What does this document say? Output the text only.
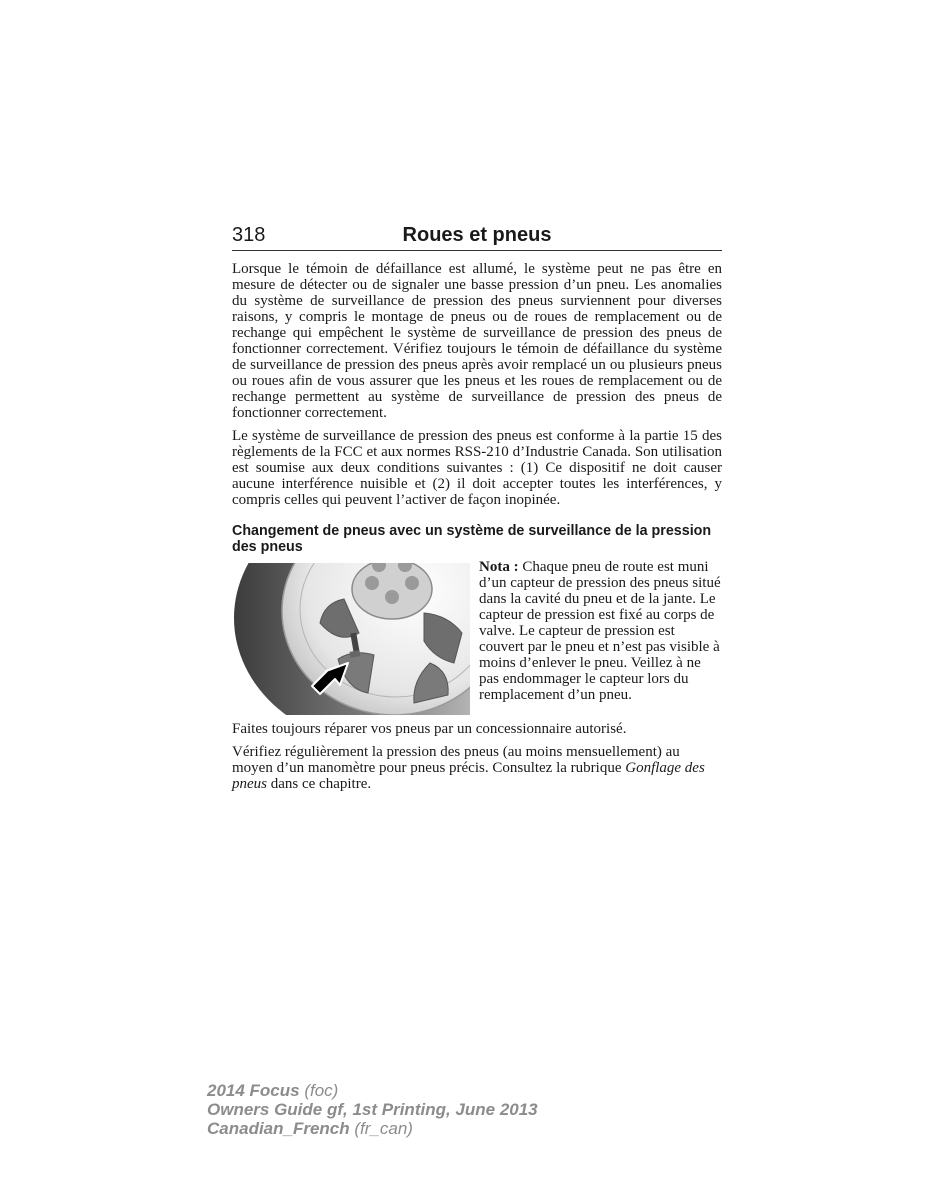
318	Roues et pneus

Lorsque le témoin de défaillance est allumé, le système peut ne pas être en mesure de détecter ou de signaler une basse pression d’un pneu. Les anomalies du système de surveillance de pression des pneus surviennent pour diverses raisons, y compris le montage de pneus ou de roues de remplacement ou de rechange qui empêchent le système de surveillance de pression des pneus de fonctionner correctement. Vérifiez toujours le témoin de défaillance du système de surveillance de pression des pneus après avoir remplacé un ou plusieurs pneus ou roues afin de vous assurer que les pneus et les roues de remplacement ou de rechange permettent au système de surveillance de pression des pneus de fonctionner correctement.

Le système de surveillance de pression des pneus est conforme à la partie 15 des règlements de la FCC et aux normes RSS-210 d’Industrie Canada. Son utilisation est soumise aux deux conditions suivantes : (1) Ce dispositif ne doit causer aucune interférence nuisible et (2) il doit accepter toutes les interférences, y compris celles qui peuvent l’activer de façon inopinée.

Changement de pneus avec un système de surveillance de la pression des pneus
Nota : Chaque pneu de route est muni d’un capteur de pression des pneus situé dans la cavité du pneu et de la jante. Le capteur de pression est fixé au corps de valve. Le capteur de pression est couvert par le pneu et n’est pas visible à moins d’enlever le pneu. Veillez à ne pas endommager le capteur lors du remplacement d’un pneu.

Faites toujours réparer vos pneus par un concessionnaire autorisé.

Vérifiez régulièrement la pression des pneus (au moins mensuellement) au moyen d’un manomètre pour pneus précis. Consultez la rubrique Gonflage des pneus dans ce chapitre.

2014 Focus (foc)
Owners Guide gf, 1st Printing, June 2013
Canadian_French (fr_can)
